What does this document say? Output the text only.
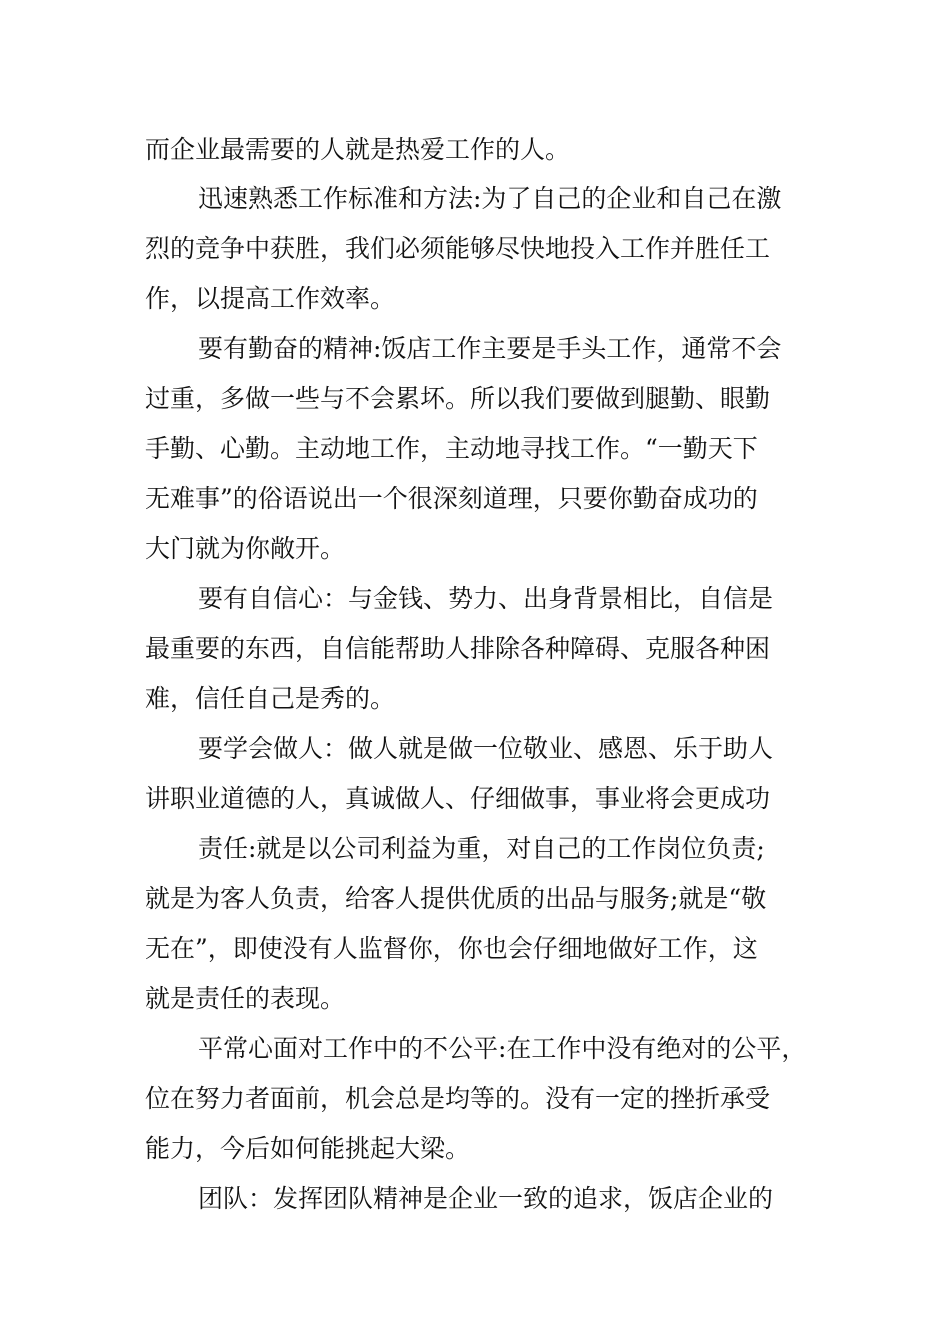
而企业最需要的人就是热爱工作的人。
迅速熟悉工作标准和方法:为了自己的企业和自己在激
烈的竞争中获胜，我们必须能够尽快地投入工作并胜任工
作，以提高工作效率。
要有勤奋的精神:饭店工作主要是手头工作，通常不会
过重，多做一些与不会累坏。所以我们要做到腿勤、眼勤
手勤、心勤。主动地工作，主动地寻找工作。“一勤天下
无难事”的俗语说出一个很深刻道理，只要你勤奋成功的
大门就为你敞开。
要有自信心：与金钱、势力、出身背景相比，自信是
最重要的东西，自信能帮助人排除各种障碍、克服各种困
难，信任自己是秀的。
要学会做人：做人就是做一位敬业、感恩、乐于助人
讲职业道德的人，真诚做人、仔细做事，事业将会更成功
责任:就是以公司利益为重，对自己的工作岗位负责;
就是为客人负责，给客人提供优质的出品与服务;就是“敬
无在”，即使没有人监督你，你也会仔细地做好工作，这
就是责任的表现。
平常心面对工作中的不公平:在工作中没有绝对的公平，
位在努力者面前，机会总是均等的。没有一定的挫折承受
能力，今后如何能挑起大梁。
团队：发挥团队精神是企业一致的追求，饭店企业的
